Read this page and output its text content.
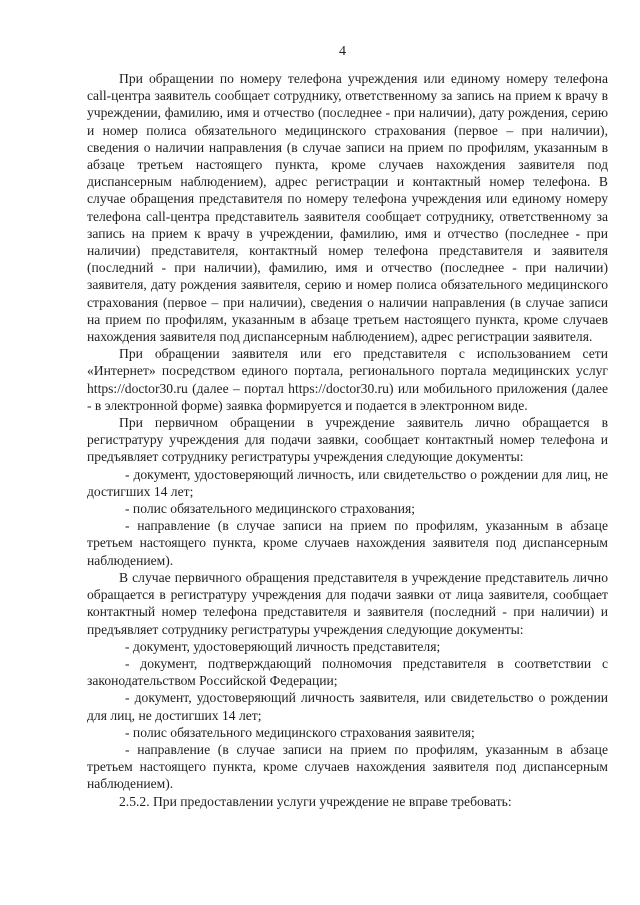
4

При обращении по номеру телефона учреждения или единому номеру телефона call-центра заявитель сообщает сотруднику, ответственному за запись на прием к врачу в учреждении, фамилию, имя и отчество (последнее - при наличии), дату рождения, серию и номер полиса обязательного медицинского страхования (первое – при наличии), сведения о наличии направления (в случае записи на прием по профилям, указанным в абзаце третьем настоящего пункта, кроме случаев нахождения заявителя под диспансерным наблюдением), адрес регистрации и контактный номер телефона. В случае обращения представителя по номеру телефона учреждения или единому номеру телефона call-центра представитель заявителя сообщает сотруднику, ответственному за запись на прием к врачу в учреждении, фамилию, имя и отчество (последнее - при наличии) представителя, контактный номер телефона представителя и заявителя (последний - при наличии), фамилию, имя и отчество (последнее - при наличии) заявителя, дату рождения заявителя, серию и номер полиса обязательного медицинского страхования (первое – при наличии), сведения о наличии направления (в случае записи на прием по профилям, указанным в абзаце третьем настоящего пункта, кроме случаев нахождения заявителя под диспансерным наблюдением), адрес регистрации заявителя.

При обращении заявителя или его представителя с использованием сети «Интернет» посредством единого портала, регионального портала медицинских услуг https://doctor30.ru (далее – портал https://doctor30.ru) или мобильного приложения (далее - в электронной форме) заявка формируется и подается в электронном виде.

При первичном обращении в учреждение заявитель лично обращается в регистратуру учреждения для подачи заявки, сообщает контактный номер телефона и предъявляет сотруднику регистратуры учреждения следующие документы:

- документ, удостоверяющий личность, или свидетельство о рождении для лиц, не достигших 14 лет;

- полис обязательного медицинского страхования;

- направление (в случае записи на прием по профилям, указанным в абзаце третьем настоящего пункта, кроме случаев нахождения заявителя под диспансерным наблюдением).

В случае первичного обращения представителя в учреждение представитель лично обращается в регистратуру учреждения для подачи заявки от лица заявителя, сообщает контактный номер телефона представителя и заявителя (последний - при наличии) и предъявляет сотруднику регистратуры учреждения следующие документы:

- документ, удостоверяющий личность представителя;

- документ, подтверждающий полномочия представителя в соответствии с законодательством Российской Федерации;

- документ, удостоверяющий личность заявителя, или свидетельство о рождении для лиц, не достигших 14 лет;

- полис обязательного медицинского страхования заявителя;

- направление (в случае записи на прием по профилям, указанным в абзаце третьем настоящего пункта, кроме случаев нахождения заявителя под диспансерным наблюдением).

2.5.2. При предоставлении услуги учреждение не вправе требовать:
